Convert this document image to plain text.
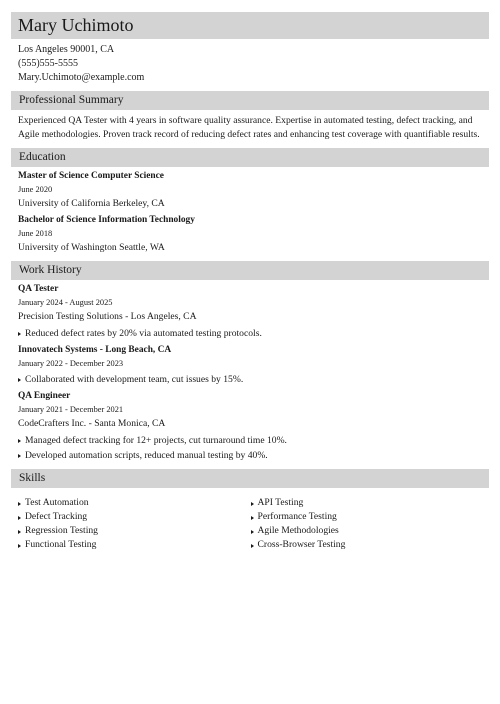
Mary Uchimoto
Los Angeles 90001, CA
(555)555-5555
Mary.Uchimoto@example.com
Professional Summary
Experienced QA Tester with 4 years in software quality assurance. Expertise in automated testing, defect tracking, and Agile methodologies. Proven track record of reducing defect rates and enhancing test coverage with quantifiable results.
Education
Master of Science Computer Science
June 2020
University of California Berkeley, CA
Bachelor of Science Information Technology
June 2018
University of Washington Seattle, WA
Work History
QA Tester
January 2024 - August 2025
Precision Testing Solutions - Los Angeles, CA
Reduced defect rates by 20% via automated testing protocols.
Innovatech Systems - Long Beach, CA
January 2022 - December 2023
Collaborated with development team, cut issues by 15%.
QA Engineer
January 2021 - December 2021
CodeCrafters Inc. - Santa Monica, CA
Managed defect tracking for 12+ projects, cut turnaround time 10%.
Developed automation scripts, reduced manual testing by 40%.
Skills
Test Automation
Defect Tracking
Regression Testing
Functional Testing
API Testing
Performance Testing
Agile Methodologies
Cross-Browser Testing
